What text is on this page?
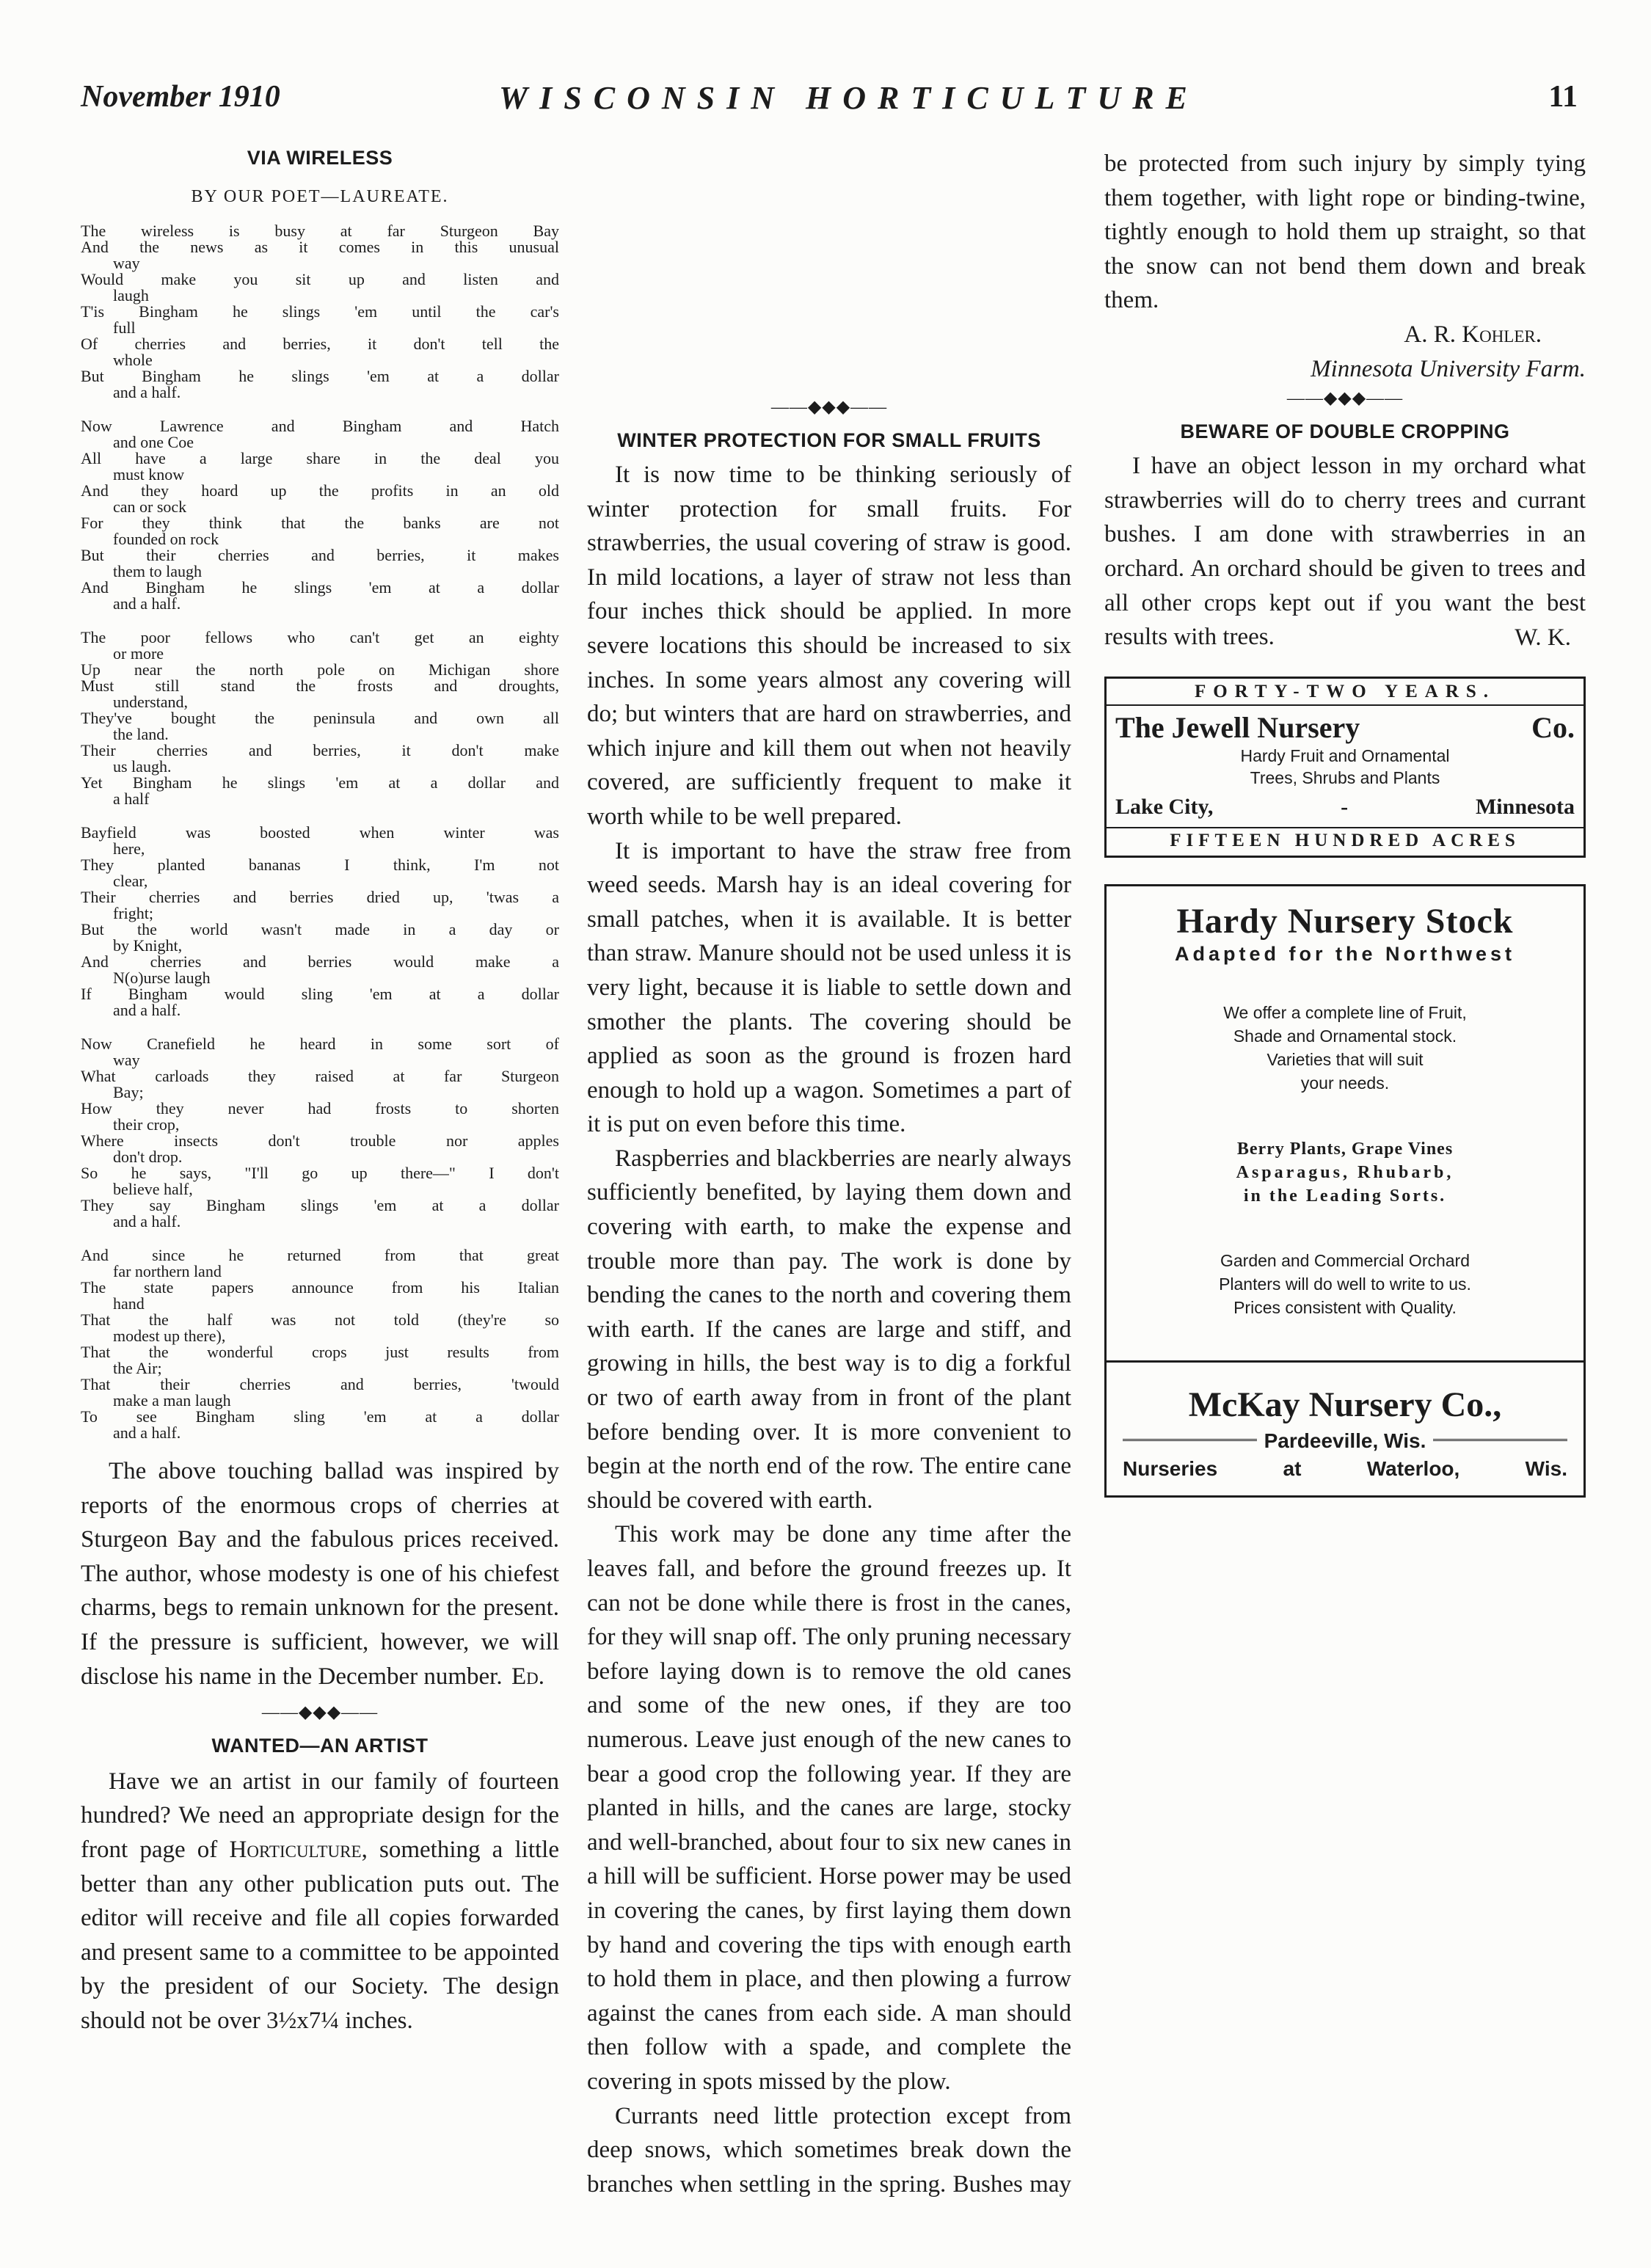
November 1910	WISCONSIN HORTICULTURE	11
VIA WIRELESS
BY OUR POET—LAUREATE.
The wireless is busy at far Sturgeon Bay
And the news as it comes in this unusual
way
Would make you sit up and listen and
laugh
T'is Bingham he slings 'em until the car's
full
Of cherries and berries, it don't tell the
whole
But Bingham he slings 'em at a dollar
and a half.
Now Lawrence and Bingham and Hatch
and one Coe
All have a large share in the deal you
must know
And they hoard up the profits in an old
can or sock
For they think that the banks are not
founded on rock
But their cherries and berries, it makes
them to laugh
And Bingham he slings 'em at a dollar
and a half.
The poor fellows who can't get an eighty
or more
Up near the north pole on Michigan shore
Must still stand the frosts and droughts,
understand,
They've bought the peninsula and own all
the land.
Their cherries and berries, it don't make
us laugh.
Yet Bingham he slings 'em at a dollar and
a half
Bayfield was boosted when winter was
here,
They planted bananas I think, I'm not
clear,
Their cherries and berries dried up, 'twas a
fright;
But the world wasn't made in a day or
by Knight,
And cherries and berries would make a
N(o)urse laugh
If Bingham would sling 'em at a dollar
and a half.
Now Cranefield he heard in some sort of
way
What carloads they raised at far Sturgeon
Bay;
How they never had frosts to shorten
their crop,
Where insects don't trouble nor apples
don't drop.
So he says, "I'll go up there—" I don't
believe half,
They say Bingham slings 'em at a dollar
and a half.
And since he returned from that great
far northern land
The state papers announce from his Italian
hand
That the half was not told (they're so
modest up there),
That the wonderful crops just results from
the Air;
That their cherries and berries, 'twould
make a man laugh
To see Bingham sling 'em at a dollar
and a half.

The above touching ballad was inspired by reports of the enormous crops of cherries at Sturgeon Bay and the fabulous prices received. The author, whose modesty is one of his chiefest charms, begs to remain unknown for the present. If the pressure is sufficient, however, we will disclose his name in the December number. Ed.
——◆◆◆——
WANTED—AN ARTIST

Have we an artist in our family of fourteen hundred? We need an appropriate design for the front page of Horticulture, something a little better than any other publication puts out. The editor will receive and file all copies forwarded and present same to a committee to be appointed by the president of our Society. The design should not be over 3½x7¼ inches.

——◆◆◆——
WINTER PROTECTION FOR SMALL FRUITS

It is now time to be thinking seriously of winter protection for small fruits. For strawberries, the usual covering of straw is good. In mild locations, a layer of straw not less than four inches thick should be applied. In more severe locations this should be increased to six inches. In some years almost any covering will do; but winters that are hard on strawberries, and which injure and kill them out when not heavily covered, are sufficiently frequent to make it worth while to be well prepared.

It is important to have the straw free from weed seeds. Marsh hay is an ideal covering for small patches, when it is available. It is better than straw. Manure should not be used unless it is very light, because it is liable to settle down and smother the plants. The covering should be applied as soon as the ground is frozen hard enough to hold up a wagon. Sometimes a part of it is put on even before this time.

Raspberries and blackberries are nearly always sufficiently benefited, by laying them down and covering with earth, to make the expense and trouble more than pay. The work is done by bending the canes to the north and covering them with earth. If the canes are large and stiff, and growing in hills, the best way is to dig a forkful or two of earth away from in front of the plant before bending over. It is more convenient to begin at the north end of the row. The entire cane should be covered with earth.

This work may be done any time after the leaves fall, and before the ground freezes up. It can not be done while there is frost in the canes, for they will snap off. The only pruning necessary before laying down is to remove the old canes and some of the new ones, if they are too numerous. Leave just enough of the new canes to bear a good crop the following year. If they are planted in hills, and the canes are large, stocky and well-branched, about four to six new canes in a hill will be sufficient. Horse power may be used in covering the canes, by first laying them down by hand and covering the tips with enough earth to hold them in place, and then plowing a furrow against the canes from each side. A man should then follow with a spade, and complete the covering in spots missed by the plow.

Currants need little protection except from deep snows, which sometimes break down the branches when settling in the spring. Bushes may

be protected from such injury by simply tying them together, with light rope or binding-twine, tightly enough to hold them up straight, so that the snow can not bend them down and break them.

A. R. Kohler.
Minnesota University Farm.
——◆◆◆——
BEWARE OF DOUBLE CROPPING

I have an object lesson in my orchard what strawberries will do to cherry trees and currant bushes. I am done with strawberries in an orchard. An orchard should be given to trees and all other crops kept out if you want the best results with trees.	W. K.
FORTY-TWO YEARS.
The Jewell Nursery	Co.
Hardy Fruit and Ornamental
Trees, Shrubs and Plants
Lake City,	-	Minnesota
FIFTEEN HUNDRED ACRES
Hardy Nursery Stock
Adapted for the Northwest
We offer a complete line of Fruit,
Shade and Ornamental stock.
Varieties that will suit
your needs.
Berry Plants, Grape Vines
Asparagus, Rhubarb,
in the Leading Sorts.
Garden and Commercial Orchard
Planters will do well to write to us.
Prices consistent with Quality.
McKay Nursery Co.,
Pardeeville, Wis.
Nurseries	at	Waterloo,	Wis.
